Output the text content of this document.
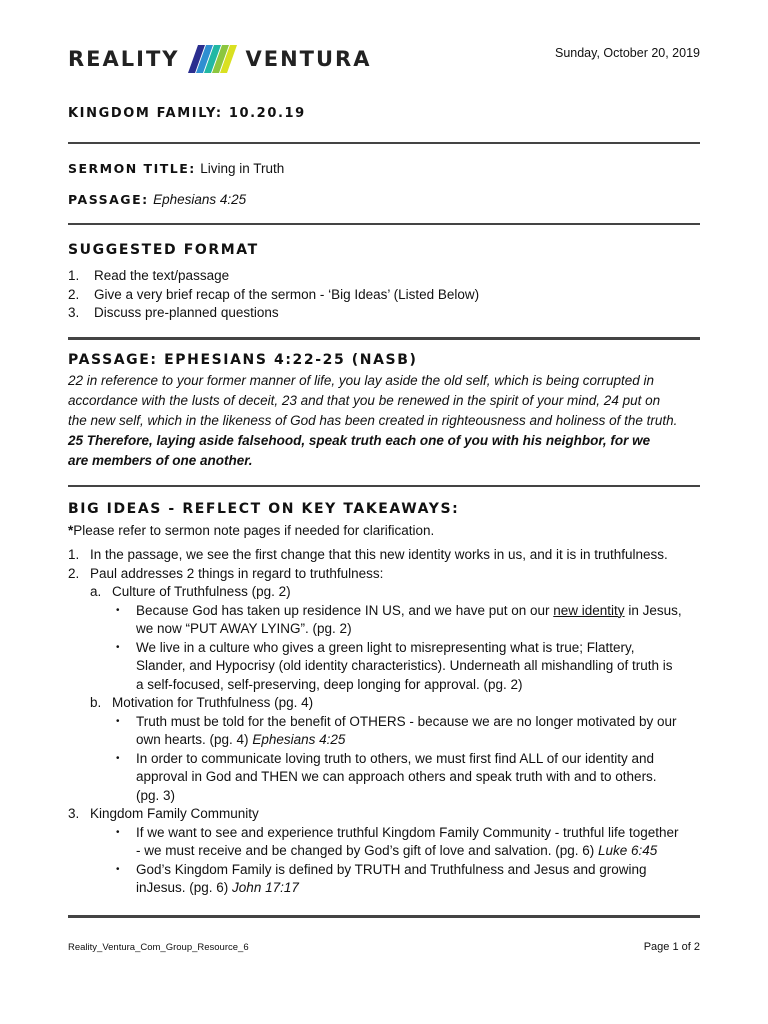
REALITY	VENTURA	Sunday, October 20, 2019
KINGDOM FAMILY: 10.20.19
SERMON TITLE: Living in Truth
PASSAGE: Ephesians 4:25
SUGGESTED FORMAT
1.	Read the text/passage
2.	Give a very brief recap of the sermon - ‘Big Ideas’ (Listed Below)
3.	Discuss pre-planned questions
PASSAGE: EPHESIANS 4:22-25 (NASB)
22 in reference to your former manner of life, you lay aside the old self, which is being corrupted in
accordance with the lusts of deceit, 23 and that you be renewed in the spirit of your mind, 24 put on
the new self, which in the likeness of God has been created in righteousness and holiness of the truth.
25 Therefore, laying aside falsehood, speak truth each one of you with his neighbor, for we
are members of one another.
BIG IDEAS - REFLECT ON KEY TAKEAWAYS:
*Please refer to sermon note pages if needed for clarification.
1. In the passage, we see the first change that this new identity works in us, and it is in truthfulness.
2. Paul addresses 2 things in regard to truthfulness:
a. Culture of Truthfulness (pg. 2)
•	Because God has taken up residence IN US, and we have put on our new identity in Jesus,
we now “PUT AWAY LYING”. (pg. 2)
•	We live in a culture who gives a green light to misrepresenting what is true; Flattery,
Slander, and Hypocrisy (old identity characteristics). Underneath all mishandling of truth is
a self-focused, self-preserving, deep longing for approval. (pg. 2)
b. Motivation for Truthfulness (pg. 4)
•	Truth must be told for the benefit of OTHERS - because we are no longer motivated by our
own hearts. (pg. 4) Ephesians 4:25
•	In order to communicate loving truth to others, we must first find ALL of our identity and
approval in God and THEN we can approach others and speak truth with and to others.
(pg. 3)
3. Kingdom Family Community
•	If we want to see and experience truthful Kingdom Family Community - truthful life together
- we must receive and be changed by God’s gift of love and salvation. (pg. 6) Luke 6:45
•	God’s Kingdom Family is defined by TRUTH and Truthfulness and Jesus and growing
inJesus. (pg. 6) John 17:17
Reality_Ventura_Com_Group_Resource_6	Page 1 of 2
